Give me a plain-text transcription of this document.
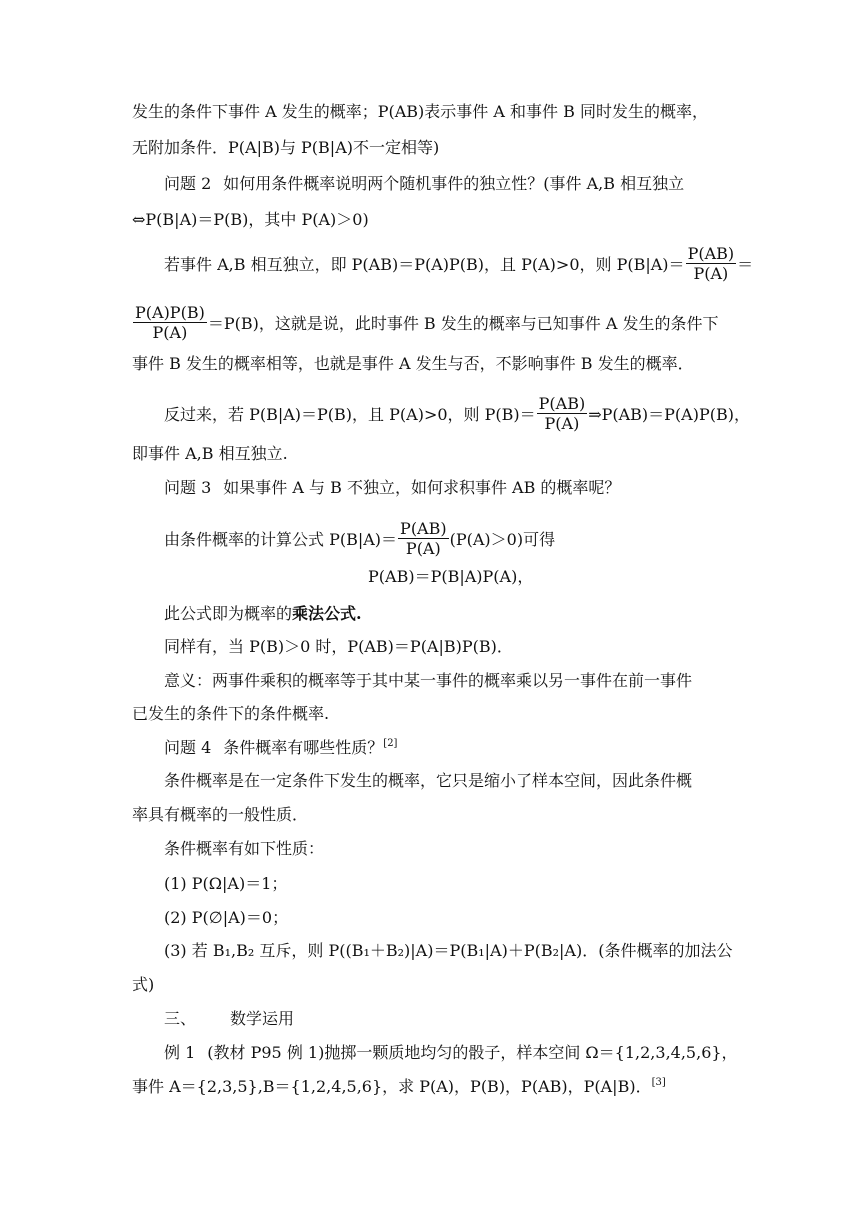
发生的条件下事件 A 发生的概率；P(AB)表示事件 A 和事件 B 同时发生的概率，
无附加条件．P(A|B)与 P(B|A)不一定相等)
问题 2 如何用条件概率说明两个随机事件的独立性？(事件 A,B 相互独立
⇔P(B|A)＝P(B)，其中 P(A)＞0)
若事件 A,B 相互独立，即 P(AB)＝P(A)P(B)，且 P(A)>0，则 $P(B|A)= \frac{P(AB)}{P(A)}$ ＝
$\frac{P(A)P(B)}{P(A)} =P(B)$，这就是说，此时事件 B 发生的概率与已知事件 A 发生的条件下
事件 B 发生的概率相等，也就是事件 A 发生与否，不影响事件 B 发生的概率．
反过来，若 P(B|A)＝P(B)，且 P(A)>0，则 $P(B)= \frac{P(AB)}{P(A)}$ ⇒P(AB)＝P(A)P(B)，
即事件 A,B 相互独立.
问题 3 如果事件 A 与 B 不独立，如何求积事件 AB 的概率呢？
由条件概率的计算公式 $P(B|A)= \frac{P(AB)}{P(A)} (P(A)>0)$可得
P(AB)＝P(B|A)P(A)，
此公式即为概率的乘法公式.
同样有，当 P(B)＞0 时，P(AB)＝P(A|B)P(B)．
意义：两事件乘积的概率等于其中某一事件的概率乘以另一事件在前一事件
已发生的条件下的条件概率.
问题 4 条件概率有哪些性质？[2]
条件概率是在一定条件下发生的概率，它只是缩小了样本空间，因此条件概
率具有概率的一般性质．
条件概率有如下性质：
(1) P(Ω|A)＝1；
(2) P(∅|A)＝0；
(3) 若 B₁,B₂ 互斥，则 P((B₁＋B₂)|A)＝P(B₁|A)＋P(B₂|A)．(条件概率的加法公
式)
三、 数学运用
例 1 (教材 P95 例 1)抛掷一颗质地均匀的骰子，样本空间 Ω＝{1,2,3,4,5,6}，
事件 A＝{2,3,5},B＝{1,2,4,5,6}，求 P(A)，P(B)，P(AB)，P(A|B)．[3]
